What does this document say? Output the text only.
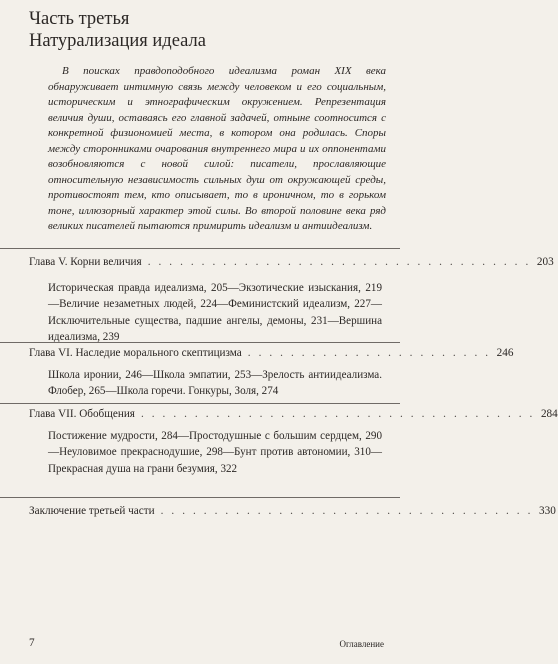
Часть третья
Натурализация идеала
В поисках правдоподобного идеализма роман XIX века обнаруживает интимную связь между человеком и его социальным, историческим и этнографическим окружением. Репрезентация величия души, оставаясь его главной задачей, отныне соотносится с конкретной физиономией места, в котором она родилась. Споры между сторонниками очарования внутреннего мира и их оппонентами возобновляются с новой силой: писатели, прославляющие относительную независимость сильных душ от окружающей среды, противостоят тем, кто описывает, то в ироничном, то в горьком тоне, иллюзорный характер этой силы. Во второй половине века ряд великих писателей пытаются примирить идеализм и антиидеализм.
Глава V. Корни величия . . . . . . . . . . . . . . . . . . . . . . . . . . . . . . . . . . . . 203
Историческая правда идеализма, 205—Экзотические изыскания, 219—Величие незаметных людей, 224—Феминистский идеализм, 227—Исключительные существа, падшие ангелы, демоны, 231—Вершина идеализма, 239
Глава VI. Наследие морального скептицизма . . . . . . . . . . . . . . . . . . . . . . . 246
Школа иронии, 246—Школа эмпатии, 253—Зрелость антиидеализма. Флобер, 265—Школа горечи. Гонкуры, Золя, 274
Глава VII. Обобщения . . . . . . . . . . . . . . . . . . . . . . . . . . . . . . . . . . . . . 284
Постижение мудрости, 284—Простодушные с большим сердцем, 290—Неуловимое прекраснодушие, 298—Бунт против автономии, 310—Прекрасная душа на грани безумия, 322
Заключение третьей части . . . . . . . . . . . . . . . . . . . . . . . . . . . . . . . . . . . 330
7	Оглавление
